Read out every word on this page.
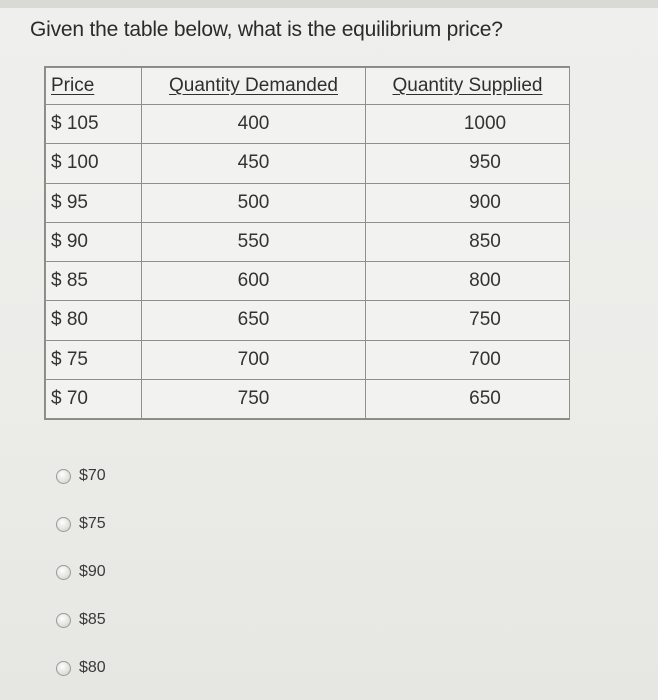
Given the table below, what is the equilibrium price?
Price	Quantity Demanded	Quantity Supplied
$ 105	400	1000
$ 100	450	950
$ 95	500	900
$ 90	550	850
$ 85	600	800
$ 80	650	750
$ 75	700	700
$ 70	750	650
$70
$75
$90
$85
$80
